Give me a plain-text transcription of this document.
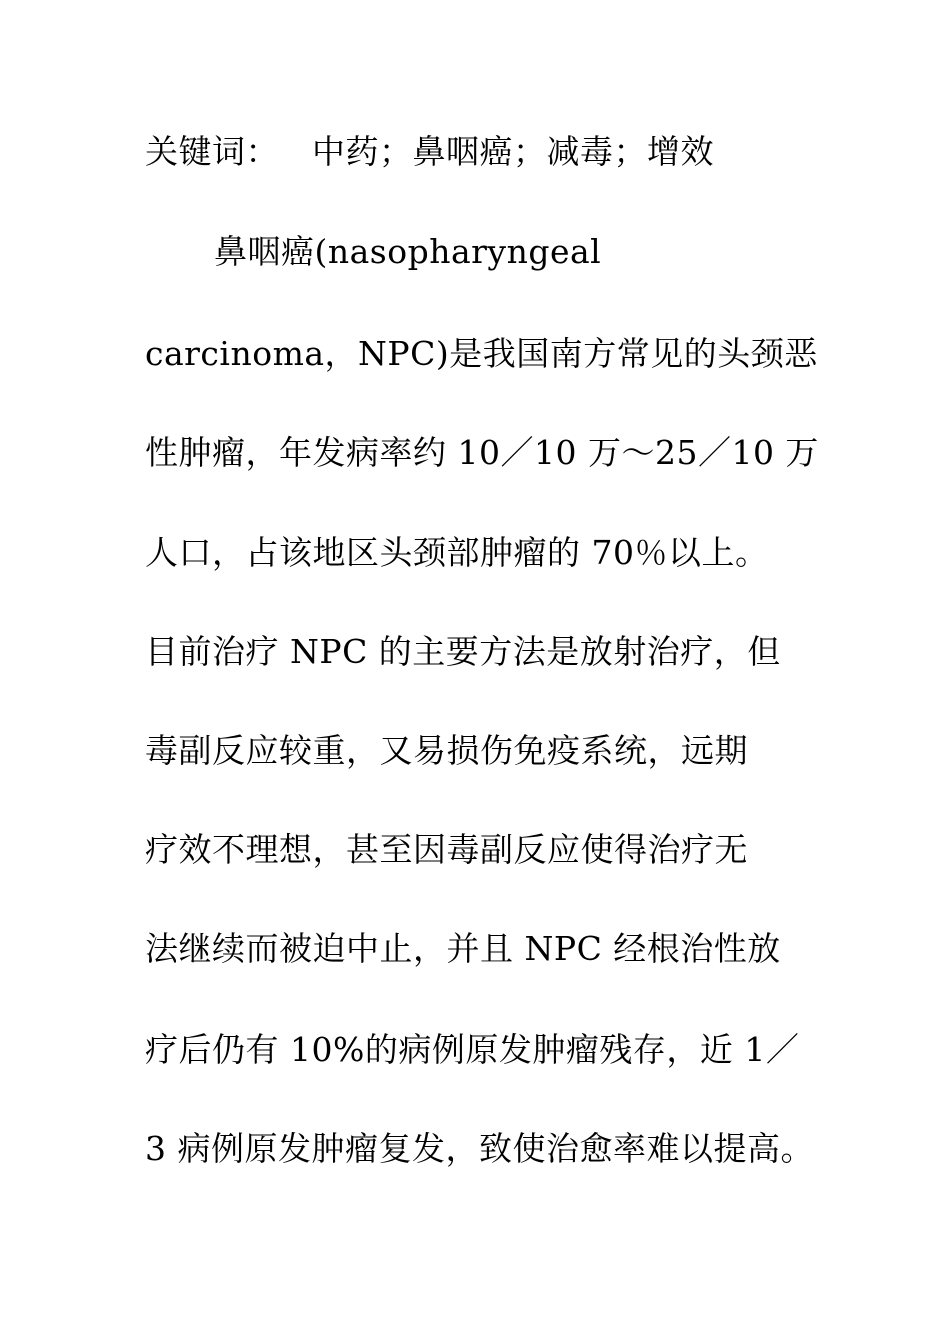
关键词： 中药；鼻咽癌；减毒；增效
鼻咽癌(nasopharyngeal
carcinoma，NPC)是我国南方常见的头颈恶
性肿瘤，年发病率约 10／10 万～25／10 万
人口，占该地区头颈部肿瘤的 70％以上。
目前治疗 NPC 的主要方法是放射治疗，但
毒副反应较重，又易损伤免疫系统，远期
疗效不理想，甚至因毒副反应使得治疗无
法继续而被迫中止，并且 NPC 经根治性放
疗后仍有 10%的病例原发肿瘤残存，近 1／
3 病例原发肿瘤复发，致使治愈率难以提高。
